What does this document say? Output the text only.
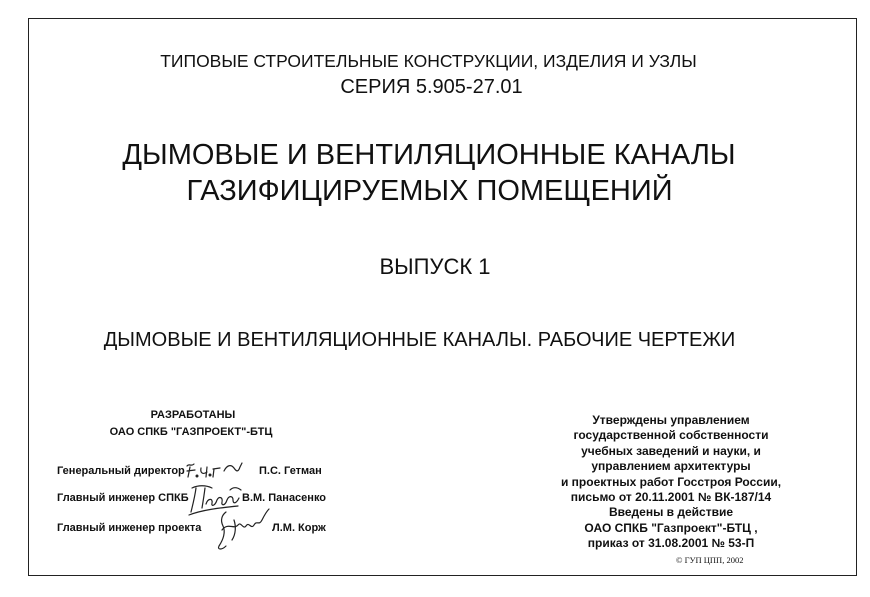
ТИПОВЫЕ СТРОИТЕЛЬНЫЕ КОНСТРУКЦИИ, ИЗДЕЛИЯ И УЗЛЫ
СЕРИЯ 5.905-27.01
ДЫМОВЫЕ И ВЕНТИЛЯЦИОННЫЕ КАНАЛЫ
ГАЗИФИЦИРУЕМЫХ ПОМЕЩЕНИЙ
ВЫПУСК 1
ДЫМОВЫЕ И ВЕНТИЛЯЦИОННЫЕ КАНАЛЫ. РАБОЧИЕ ЧЕРТЕЖИ
РАЗРАБОТАНЫ
ОАО СПКБ "ГАЗПРОЕКТ"-БТЦ
Генеральный директор	П.С. Гетман
Главный инженер СПКБ	В.М. Панасенко
Главный инженер проекта	Л.М. Корж
Утверждены управлением
государственной собственности
учебных заведений и науки, и
управлением архитектуры
и проектных работ Госстроя России,
письмо от 20.11.2001 № ВК-187/14
Введены в действие
ОАО СПКБ "Газпроект"-БТЦ ,
приказ от 31.08.2001 № 53-П
© ГУП ЦПП, 2002
